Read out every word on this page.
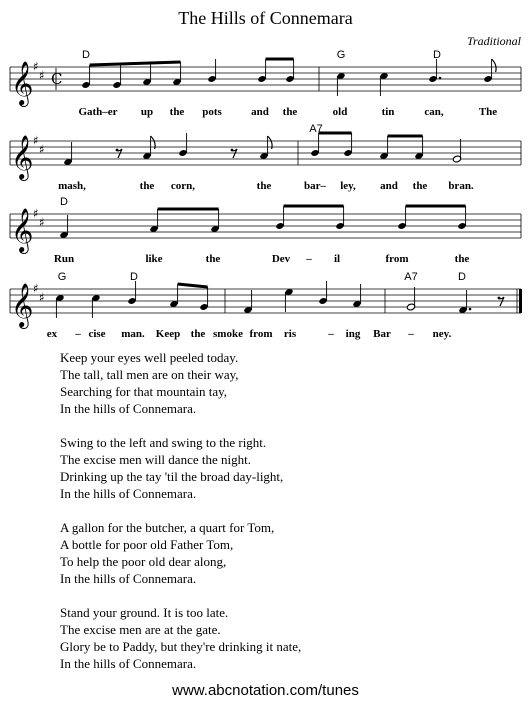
𝄞 ♯
♯ C
D	G	D
Gath–er up the pots	and the	old	tin	can,	The
𝄞 ♯
♯
A7
mash,	the corn,	the	bar– ley, and the bran.
𝄞 ♯
♯
D
Run	like	the	Dev – il	from	the
𝄞 ♯
♯
G	D	A7	D
ex – cise man. Keep the smoke from ris	– ing Bar – ney.
The Hills of Connemara
Traditional
Keep your eyes well peeled today.
The tall, tall men are on their way,
Searching for that mountain tay,
In the hills of Connemara.
Swing to the left and swing to the right.
The excise men will dance the night.
Drinking up the tay 'til the broad day-light,
In the hills of Connemara.
A gallon for the butcher, a quart for Tom,
A bottle for poor old Father Tom,
To help the poor old dear along,
In the hills of Connemara.
Stand your ground. It is too late.
The excise men are at the gate.
Glory be to Paddy, but they're drinking it nate,
In the hills of Connemara.
www.abcnotation.com/tunes
